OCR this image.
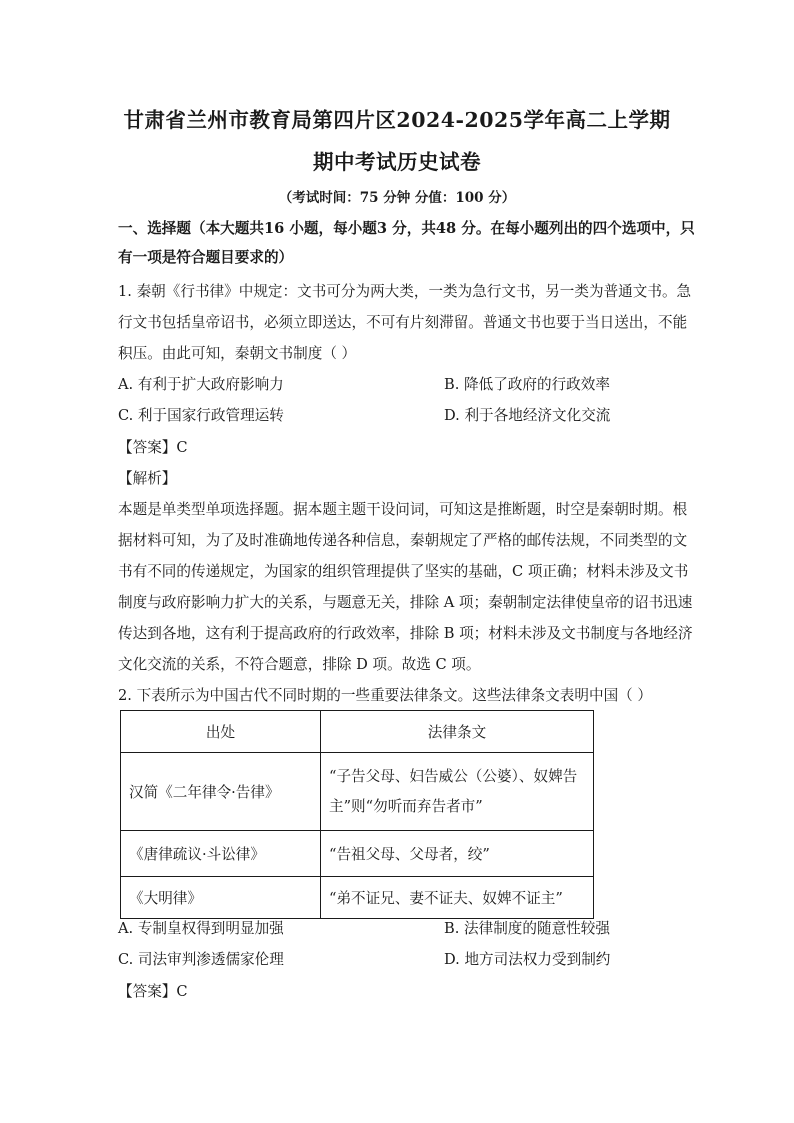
甘肃省兰州市教育局第四片区2024-2025学年高二上学期
期中考试历史试卷
（考试时间：75 分钟 分值：100 分）
一、选择题（本大题共16 小题，每小题3 分，共48 分。在每小题列出的四个选项中，只
有一项是符合题目要求的）
1. 秦朝《行书律》中规定：文书可分为两大类，一类为急行文书，另一类为普通文书。急
行文书包括皇帝诏书，必须立即送达，不可有片刻滞留。普通文书也要于当日送出，不能
积压。由此可知，秦朝文书制度（ ）
A. 有利于扩大政府影响力	B. 降低了政府的行政效率
C. 利于国家行政管理运转	D. 利于各地经济文化交流
【答案】C
【解析】
本题是单类型单项选择题。据本题主题干设问词，可知这是推断题，时空是秦朝时期。根
据材料可知，为了及时准确地传递各种信息，秦朝规定了严格的邮传法规，不同类型的文
书有不同的传递规定，为国家的组织管理提供了坚实的基础，C 项正确；材料未涉及文书
制度与政府影响力扩大的关系，与题意无关，排除 A 项；秦朝制定法律使皇帝的诏书迅速
传达到各地，这有利于提高政府的行政效率，排除 B 项；材料未涉及文书制度与各地经济
文化交流的关系，不符合题意，排除 D 项。故选 C 项。
2. 下表所示为中国古代不同时期的一些重要法律条文。这些法律条文表明中国（ ）
出处	法律条文
汉简《二年律令·告律》	“子告父母、妇告威公（公婆）、奴婢告
主”则“勿听而弃告者市”

《唐律疏议·斗讼律》	“告祖父母、父母者，绞”
《大明律》	“弟不证兄、妻不证夫、奴婢不证主”
A. 专制皇权得到明显加强	B. 法律制度的随意性较强
C. 司法审判渗透儒家伦理	D. 地方司法权力受到制约
【答案】C
